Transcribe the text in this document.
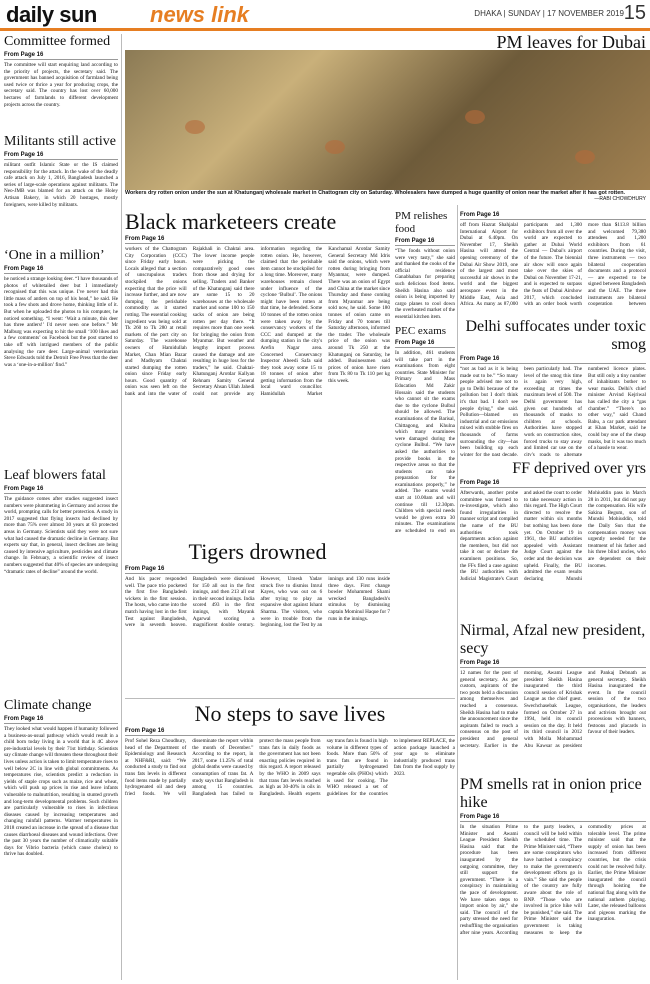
daily sun news link	DHAKA | SUNDAY | 17 NOVEMBER 2019 15
Committee formed
From Page 16

The committee will start enquiring land according to the priority of projects, the secretary said. The government has banned acquisition of farmland being used twice or thrice a year for producing crops, the secretary said. The country has lost over 60,000 hectares of farmlands to different development projects across the country.

Militants still active
From Page 16

militant outfit Islamic State or the IS claimed responsibility for the attack. In the wake of the deadly cafe attack on July 1, 2016, Bangladesh launched a series of large-scale operations against militants. The Neo-JMB was blamed for an attack on the Holey Artisan Bakery, in which 20 hostages, mostly foreigners, were killed by militants.

‘One in a million’
From Page 16

he noticed a strange looking deer. “I have thousands of photos of whitetailed deer but I immediately recognised that this was unique. I've never had this little mass of antlers on top of his head,” he said. He took a few shots and drove home, thinking little of it. But when he uploaded the photos to his computer, he noticed something. “I went: ‘Wait a minute, this deer has three antlers!’ I'd never seen one before.” Mr Malburg was expecting to hit the small ‘100 likes and a few comments’ on Facebook but the post started to take off with intrigued members of the public analysing the rare deer. Large-animal veterinarian Steve Edwards told the Detroit Free Press that the deer was a ‘one-in-a-million’ find.”

Leaf blowers fatal
From Page 16

The guidance comes after studies suggested insect numbers were plummeting in Germany and across the world, prompting calls for better protection. A study in 2017 suggested that flying insects had declined by more than 75% over almost 30 years at 63 protected areas in Germany. Scientists said they were not sure what had caused the dramatic decline in Germany. But experts say that, in general, insect declines are being caused by intensive agriculture, pesticides and climate change. In February, a scientific review of insect numbers suggested that 40% of species are undergoing “dramatic rates of decline” around the world.

Climate change
From Page 16

They looked what would happen if humanity followed a business-as-usual pathway which would result in a child born today living in a world that is 4C above pre-industrial levels by their 71st birthday. Scientists say climate change will threaten these throughout their lives unless action is taken to limit temperature rises to well below 2C in line with global commitments. As temperatures rise, scientists predict a reduction in yields of staple crops such as maize, rice and wheat, which will push up prices in rise and leave infants vulnerable to malnutrition, resulting in stunted growth and long-term developmental problems. Such children are particularly vulnerable to rises in infectious diseases caused by increasing temperatures and changing rainfall patterns. Warmer temperatures in 2018 created an increase in the spread of a disease that causes diarrhoeal diseases and wound infections. Over the past 30 years the number of climatically suitable days for Vibrio bacteria (which cause cholera) to thrive has doubled.

Workers dry rotten onion under the sun at Khatunganj wholesale market in Chattogram city on Saturday. Wholesalers have dumped a huge quantity of onion near the market after it has got rotten.
—RABI CHOWDHURY
PM leaves for Dubai
Black marketeers create
From Page 16

workers of the Chattogram City Corporation (CCC) since Friday early hours. Locals alleged that a section of unscrupulous traders stockpiled the onions expecting that the price will increase further, and are now dumping the perishable commodity as it started rotting. The essential cooking ingredient was being sold at Tk 260 to Tk 280 at retail markets of the port city on Saturday. The warehouse owners of Hamidullah Market, Chan Mian Bazar and Madhyam Chaktai started dumping the rotten onion since Friday early hours. Good quantity of onion was seen left on the bank and into the water of Rajakhali in Chaktai area. The lower income people were picking the comparatively good ones from those and drying for selling. Traders and Banker of the Khatunganj said there are some 15 to 20 warehouses at the wholesale market and some 100 to 150 sacks of onion are being rotten per day there. “It requires more than one week for bringing the onion from Myanmar. But weather and lengthy import process caused the damage and are resulting in huge loss for the traders,” he said. Chaktai-Khatunganj Arotdar Kallyan Rehnam Samity General Secretary Ahsan Ullah Jahedi could not provide any information regarding the rotten onion. He, however, claimed that the perishable item cannot be stockpiled for a long time. Moreover, many warehouses remain closed under influence of the cyclone ‘Bulbul’. The onions might have been rotten at that time, he defended. Some 10 tonnes of the rotten onion were taken away by the conservancy workers of the CCC and dumped at the dumping station in the city's Arefin Nagar area. Concerned Conservancy Inspector Abeedi Safa said they took away some 15 to 18 tonnes of onion after getting information from the local ward councillor. Hamidullah Market Kanchamal Arotdar Samity General Secretary Md Idris said the onions, which were rotten during bringing from Myanmar, were dumped. There was an onion of Egypt and China at the market since Thursday and those coming from Myanmar are being sold now, he said. Some 180 tonnes of onion came on Friday and 70 tonnes till Saturday afternoon, informed the trader. The wholesale price of the onion was around Tk 250 at the Khatunganj on Saturday, he added. Businessmen said prices of onion have risen from Tk 80 to Tk 110 per kg this week.

PM relishes food
From Page 16

“The foods without onion were very tasty,” she said and thanked the cooks of the official residence Ganabhaban for preparing such delicious food items. Sheikh Hasina also said onion is being imported by cargo planes to cool down the overheated market of the essential kitchen item.

PEC exams
From Page 16

In addition, 461 students will take part in the examinations from eight countries. State Minister for Primary and Mass Education Md Zakir Hossain said the students who cannot sit the exams due to the cyclone Bulbul should be allowed. The examinations of the Barisal, Chittagong, and Khulna which many examinees were damaged during the cyclone Bulbul. “We have asked the authorities to provide books in the respective areas so that the students can take preparation for the examinations properly,” he added. The exams would start at 10.00am and will continue till 12.30pm. Children with special needs would be given extra 30 minutes. The examinations are scheduled to end on

From Page 16
Tigers drowned
From Page 16

And his pacer responded well. The pace trio pocketed the first five Bangladesh wickets in the first session. The hosts, who came into the match having lost in the first Test against Bangladesh, were in seventh heaven. Bangladesh were dismissed for 150 all out in the first innings, and then 213 all out in their second innings. India scored 493 in the first innings, with Mayank Agarwal scoring a magnificent double century. However, Umesh Yadav struck five to dismiss Imrul Kayes, who was out on 6 after trying to play an expansive shot against Ishant Sharma. The visitors, who were in trouble from the beginning, lost the Test by an innings and 130 runs inside three days. First change bowler Mohammed Shami wrecked Bangladesh's stimulus by dismissing captain Mominul Haque for 7 runs in the innings.

No steps to save lives
From Page 16

Prof Sohel Reza Choudhury, head of the Department of Epidemiology and Research at NHF&RI, said: “We conducted a study to find out trans fats levels in different food items made by partially hydrogenated oil and deep fried foods. We will disseminate the report within the month of December.” According to the report, in 2017, some 11.25% of total global deaths were caused by consumption of trans fat. A study says that Bangladesh is among 15 countries. Bangladesh has failed to protect the mass people from trans fats in daily foods as the government has not been enacting policies required in this regard. A report released by the WHO in 2009 says that trans fats levels reached as high as 30-40% in oils in Bangladesh. Health experts say trans fats is found in high volume in different types of foods. More than 50% of trans fats are found in partially hydrogenated vegetable oils (PHOs) which is used for cooking. The WHO released a set of guidelines for the countries to implement REPLACE, the action package launched a year ago to eliminate industrially produced trans fats from the food supply by 2023.

off from Hazrat Shahjalal International Airport for Dubai at 6.40pm. On November 17, Sheikh Hasina will attend the opening ceremony of the Dubai Air Show 2019, one of the largest and most successful air shows in the world and the biggest aerospace event in the Middle East, Asia and Africa. As many as 87,000 participants and 1,300 exhibitors from all over the world are expected to gather at Dubai World Central — Dubai's airport of the future. The biennial air show will once again take over the skies of Dubai on November 17-21, and is expected to surpass the feats of Dubai Airshow 2017, which concluded with an order book worth more than $113.8 billion and welcomed 79,380 attendees and 1,200 exhibitors from 61 countries. During the visit, three instruments — two bilateral cooperation documents and a protocol — are expected to be signed between Bangladesh and the UAE. The three instruments are bilateral cooperation between

Delhi suffocates under toxic smog
From Page 16

“not as bad as it is being made out to be.” “So many people advised me not to go to Delhi because of the pollution but I don't think it's that bad. I don't see people dying,” she said. Pollution—blamed on industrial and car emissions mixed with stubble fires on thousands of farms surrounding the city—has been building up each winter for the past decade. been particularly bad. The level of the smog this time is again very high, exceeding at times the maximum level of 500. The Delhi government has given out hundreds of thousands of masks to children at schools. Authorities have stopped work on construction sites, forced trucks to stay away and limited car use on the city's roads to alternate numbered licence plates. But still only a tiny number of inhabitants bother to wear masks. Delhi's chief minister Arvind Kejriwal has called the city a “gas chamber.” “There's no other way,” said Chand Babu, a car park attendant at Khan Market, said he could buy one of the cheap masks, but it was too much of a hassle to wear.

FF deprived over yrs
From Page 16

Afterwards, another probe committee was formed to re-investigate, which also found irregularities in manner script and compiled the name of the BU authorities took departments action against the members, but did not take it out or declare the examiners positions. So, the FFs filed a case against the BU authorities with Judicial Magistrate's Court and asked the court to order to take necessary action in this regard. The High Court directed to resolve the matter within six months but nothing has been done yet. On October 19 in 1961, the BU authorities appealed with Assistant Judge Court against the order and the decision was upheld. Finally, the BU admitted the exam results declaring Munshi Mohiuddin pass in March 28 in 2011, but did not pay the compensation. His wife Sakina Begum, son of Munshi Mohiuddin, told the Daily Sun that the compensation money was urgently needed for the treatment of his father and his three blind uncles, who are dependent on their incomes.

Nirmal, Afzal new president, secy
From Page 16

12 names for the post of general secretary. As per custom, aspirants of the two posts held a discussion among themselves and reached a consensus. Sheikh Hasina had to make the announcement since the aspirants failed to reach a consensus on the post of president and general secretary. Earlier in the morning, Awami League president Sheikh Hasina inaugurated the third council session of Krishak League as the chief guest. Swechchasebak League, formed on October 27 in 1994, held its council session on the day. It held its third council in 2012 with Molla Mohammad Abu Kawsar as president and Pankaj Debnath as general secretary. Sheikh Hasina inaugurated the event. In the council session of the two organisations, the leaders and activists brought out processions with banners, festoons and placards in favour of their leaders.

PM smells rat in onion price hike
From Page 16

In the situation Prime Minister and Awami League President Sheikh Hasina said that the procedure has been inaugurated by the outgoing committee, they still support the government. “There is a conspiracy in maintaining the pace of development. We have taken steps to import onion by air,” she said. The council of the party stressed the need for reshuffling the organisation after nine years. According to the party leaders, a council will be held within the scheduled time. The Prime Minister said, “There are some conspirators who have hatched a conspiracy to make the government's development efforts go in vain.” She said the people of the country are fully aware about the role of BNP. “Those who are involved in price hike will be punished,” she said. The Prime Minister said the government is taking measures to keep the commodity prices at tolerable level. The prime minister said that the supply of onion has been increased from different countries, but the crisis could not be resolved fully. Earlier, the Prime Minister inaugurated the council through hoisting the national flag along with the national anthem playing. Later, she released balloons and pigeons marking the inauguration.
